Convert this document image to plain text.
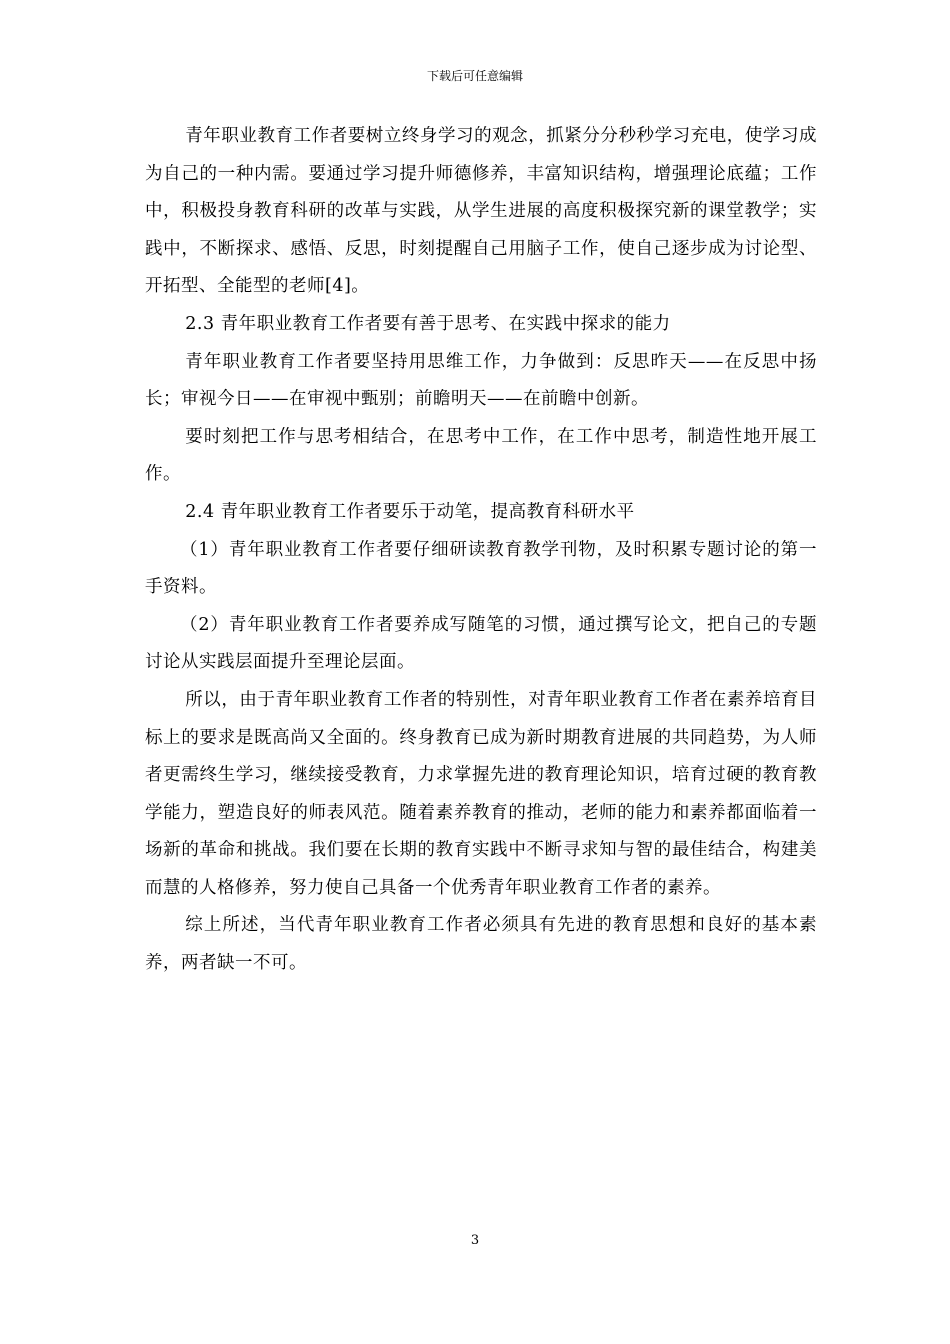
下载后可任意编辑

青年职业教育工作者要树立终身学习的观念，抓紧分分秒秒学习充电，使学习成为自己的一种内需。要通过学习提升师德修养，丰富知识结构，增强理论底蕴；工作中，积极投身教育科研的改革与实践，从学生进展的高度积极探究新的课堂教学；实践中，不断探求、感悟、反思，时刻提醒自己用脑子工作，使自己逐步成为讨论型、开拓型、全能型的老师[4]。

2.3 青年职业教育工作者要有善于思考、在实践中探求的能力

青年职业教育工作者要坚持用思维工作，力争做到：反思昨天——在反思中扬长；审视今日——在审视中甄别；前瞻明天——在前瞻中创新。

要时刻把工作与思考相结合，在思考中工作，在工作中思考，制造性地开展工作。

2.4 青年职业教育工作者要乐于动笔，提高教育科研水平

（1）青年职业教育工作者要仔细研读教育教学刊物，及时积累专题讨论的第一手资料。

（2）青年职业教育工作者要养成写随笔的习惯，通过撰写论文，把自己的专题讨论从实践层面提升至理论层面。

所以，由于青年职业教育工作者的特别性，对青年职业教育工作者在素养培育目标上的要求是既高尚又全面的。终身教育已成为新时期教育进展的共同趋势，为人师者更需终生学习，继续接受教育，力求掌握先进的教育理论知识，培育过硬的教育教学能力，塑造良好的师表风范。随着素养教育的推动，老师的能力和素养都面临着一场新的革命和挑战。我们要在长期的教育实践中不断寻求知与智的最佳结合，构建美而慧的人格修养，努力使自己具备一个优秀青年职业教育工作者的素养。

综上所述，当代青年职业教育工作者必须具有先进的教育思想和良好的基本素养，两者缺一不可。

3
